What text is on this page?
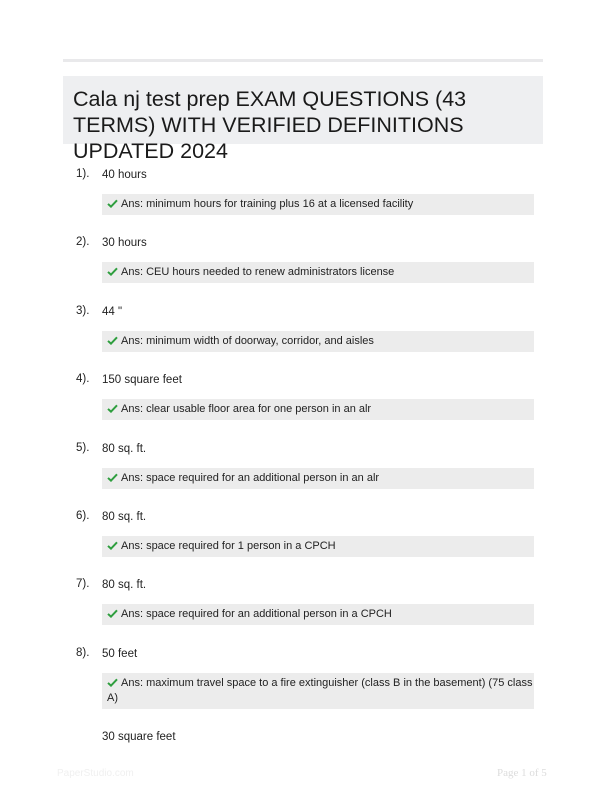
Cala nj test prep EXAM QUESTIONS (43 TERMS) WITH VERIFIED DEFINITIONS UPDATED 2024
1). 40 hours
Ans: minimum hours for training plus 16 at a licensed facility
2). 30 hours
Ans: CEU hours needed to renew administrators license
3). 44 "
Ans: minimum width of doorway, corridor, and aisles
4). 150 square feet
Ans: clear usable floor area for one person in an alr
5). 80 sq. ft.
Ans: space required for an additional person in an alr
6). 80 sq. ft.
Ans: space required for 1 person in a CPCH
7). 80 sq. ft.
Ans: space required for an additional person in a CPCH
8). 50 feet
Ans: maximum travel space to a fire extinguisher (class B in the basement) (75 class A)
30 square feet
PaperStudio.com	Page 1 of 5
